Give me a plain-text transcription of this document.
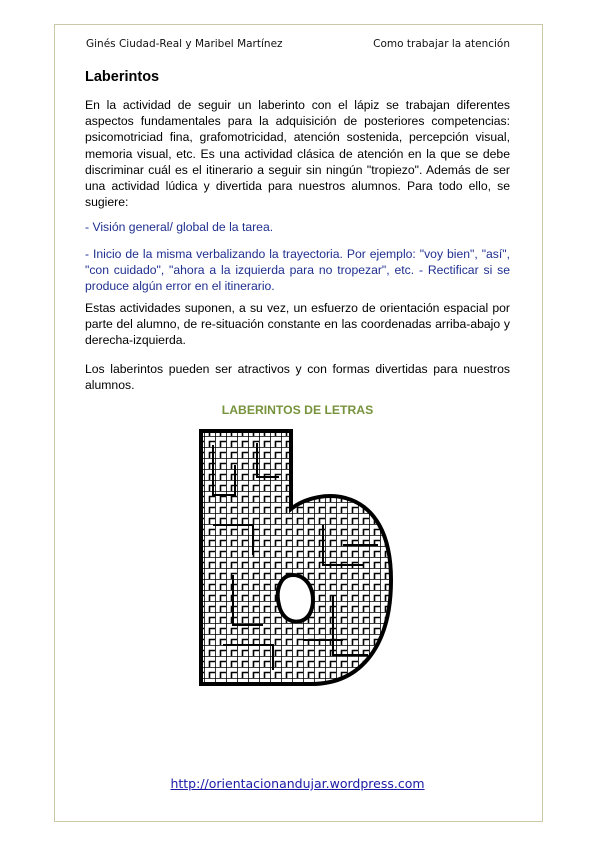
Ginés Ciudad-Real y Maribel Martínez	Como trabajar la atención
Laberintos

En la actividad de seguir un laberinto con el lápiz se trabajan diferentes aspectos fundamentales para la adquisición de posteriores competencias: psicomotriciad fina, grafomotricidad, atención sostenida, percepción visual, memoria visual, etc. Es una actividad clásica de atención en la que se debe discriminar cuál es el itinerario a seguir sin ningún "tropiezo". Además de ser una actividad lúdica y divertida para nuestros alumnos. Para todo ello, se sugiere:

- Visión general/ global de la tarea.

- Inicio de la misma verbalizando la trayectoria. Por ejemplo: "voy bien", "así", "con cuidado", "ahora a la izquierda para no tropezar", etc. - Rectificar si se produce algún error en el itinerario.

Estas actividades suponen, a su vez, un esfuerzo de orientación espacial por parte del alumno, de re-situación constante en las coordenadas arriba-abajo y derecha-izquierda.

Los laberintos pueden ser atractivos y con formas divertidas para nuestros alumnos.

LABERINTOS DE LETRAS
http://orientacionandujar.wordpress.com
